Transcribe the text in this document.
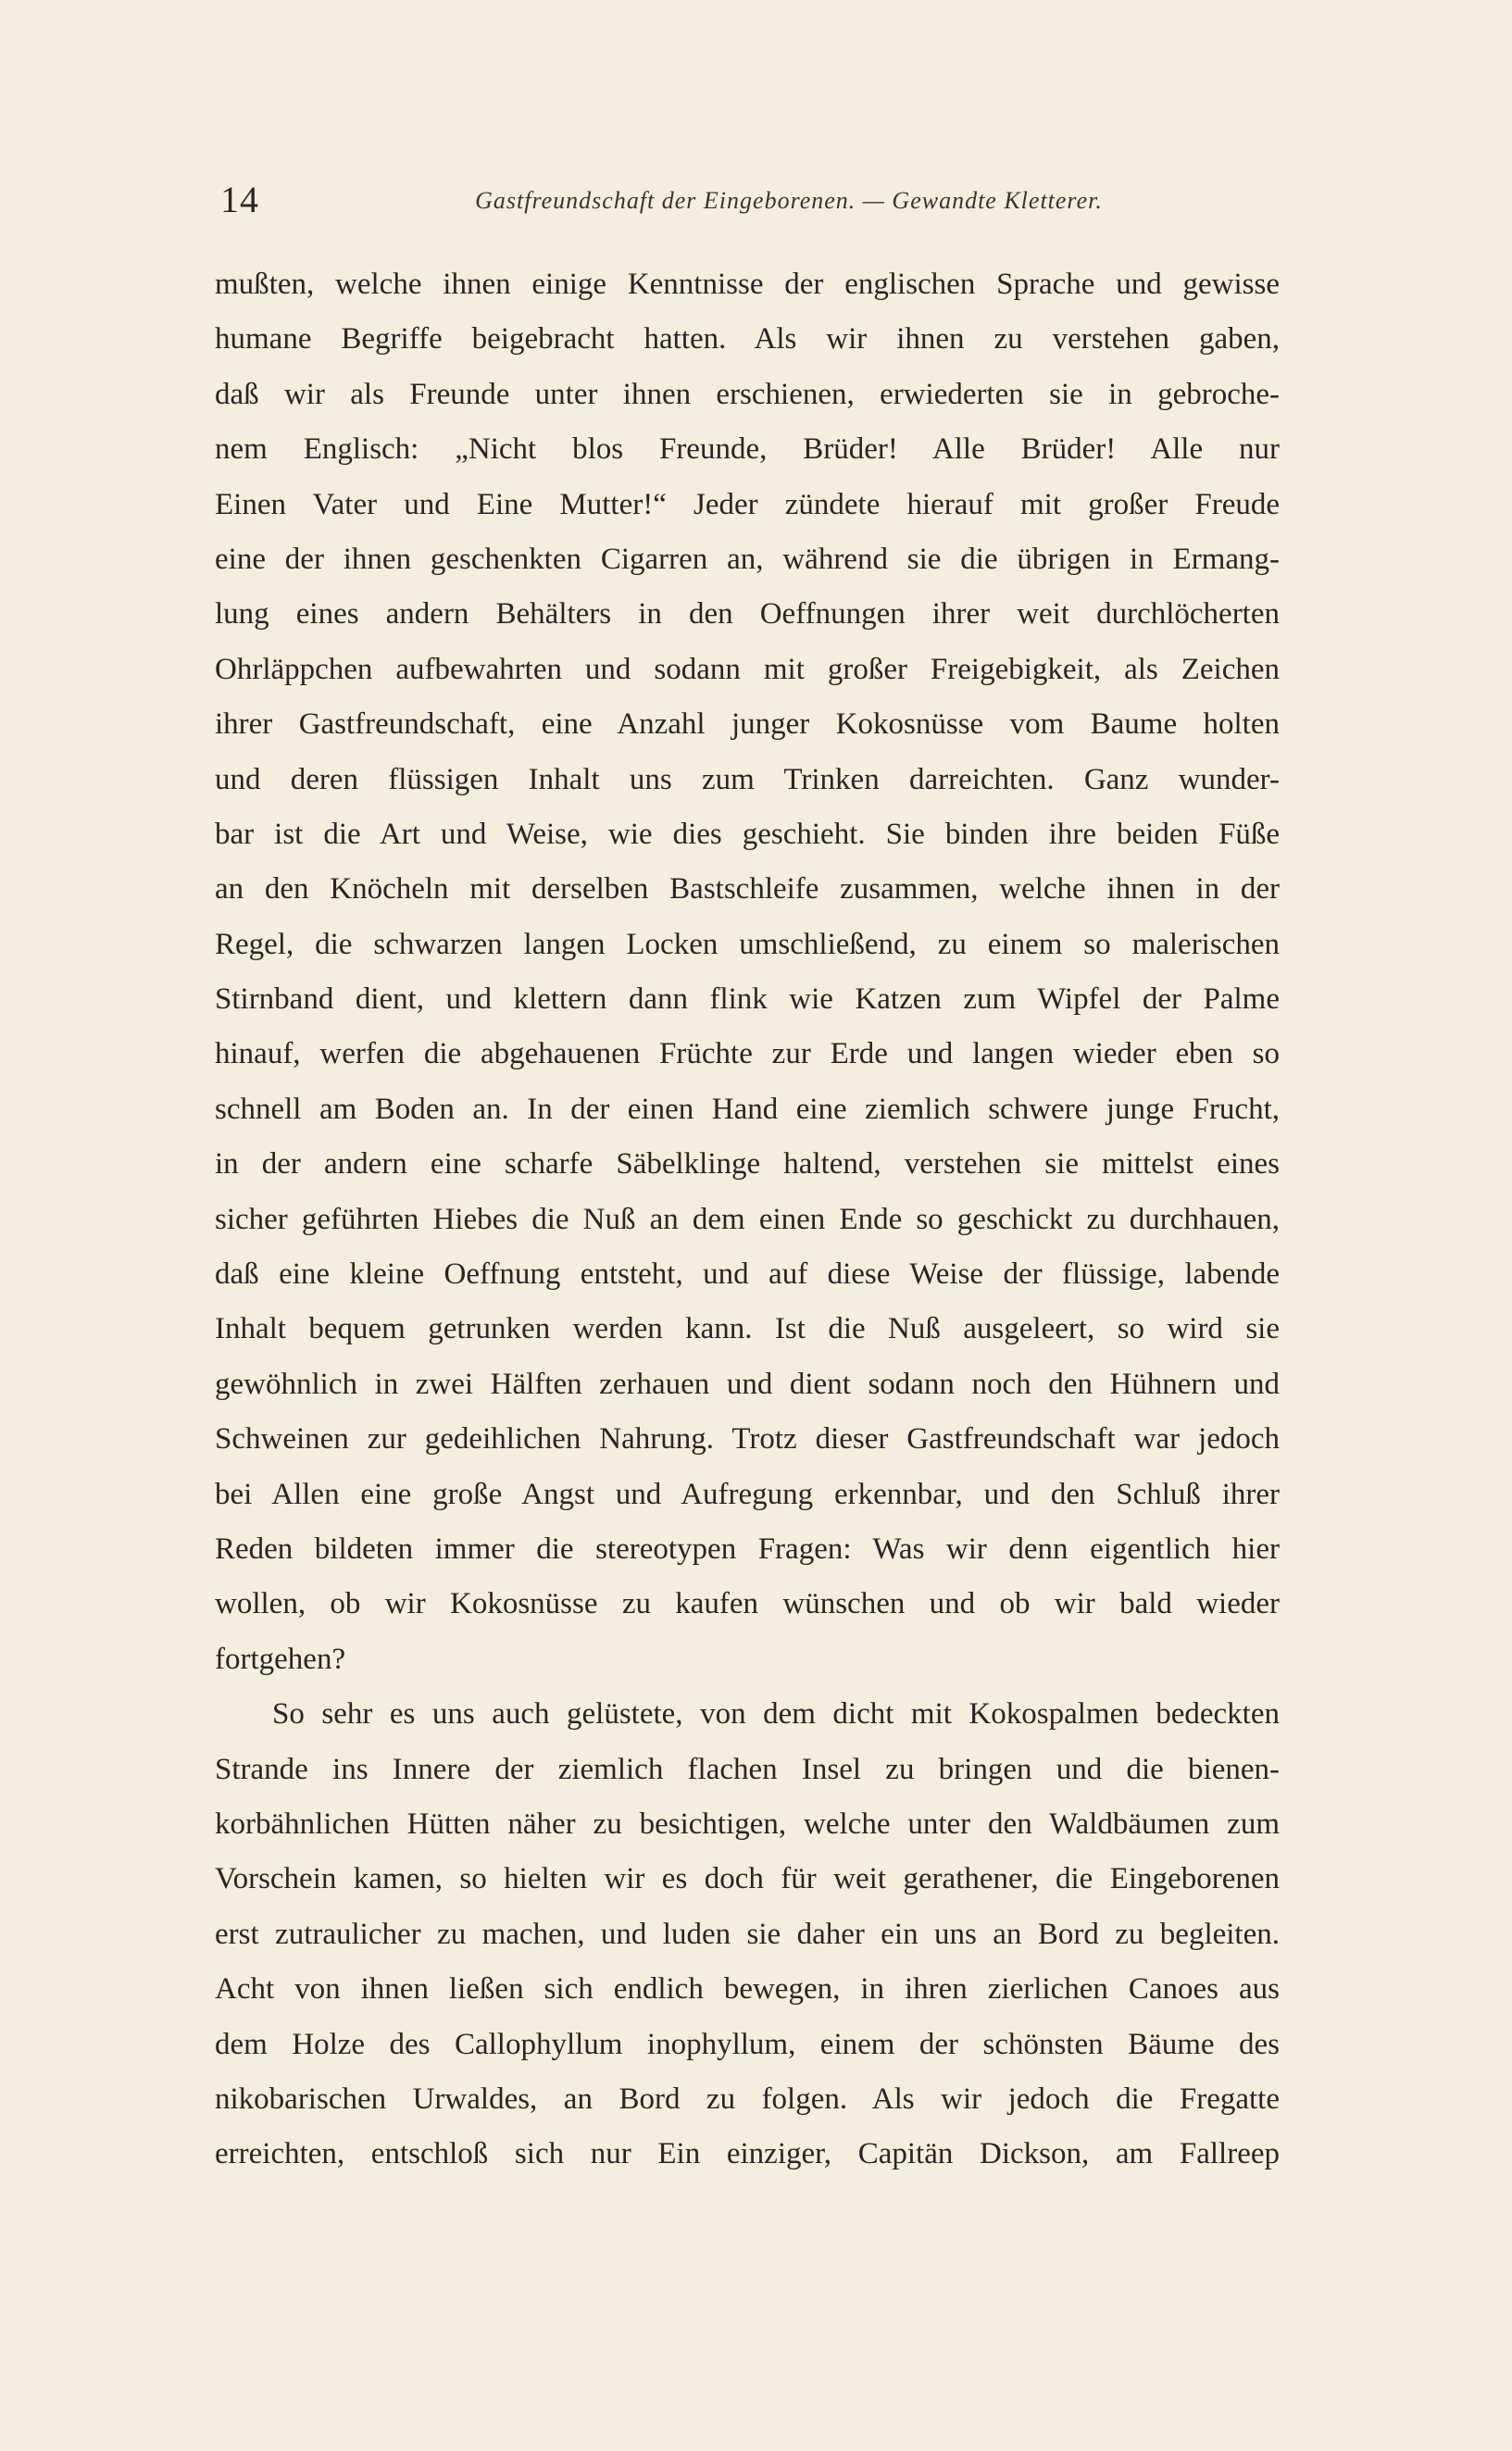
14	Gastfreundschaft der Eingeborenen. — Gewandte Kletterer.
mußten, welche ihnen einige Kenntnisse der englischen Sprache und gewisse
humane Begriffe beigebracht hatten. Als wir ihnen zu verstehen gaben,
daß wir als Freunde unter ihnen erschienen, erwiederten sie in gebroche-
nem Englisch: „Nicht blos Freunde, Brüder! Alle Brüder! Alle nur
Einen Vater und Eine Mutter!“ Jeder zündete hierauf mit großer Freude
eine der ihnen geschenkten Cigarren an, während sie die übrigen in Ermang-
lung eines andern Behälters in den Oeffnungen ihrer weit durchlöcherten
Ohrläppchen aufbewahrten und sodann mit großer Freigebigkeit, als Zeichen
ihrer Gastfreundschaft, eine Anzahl junger Kokosnüsse vom Baume holten
und deren flüssigen Inhalt uns zum Trinken darreichten. Ganz wunder-
bar ist die Art und Weise, wie dies geschieht. Sie binden ihre beiden Füße
an den Knöcheln mit derselben Bastschleife zusammen, welche ihnen in der
Regel, die schwarzen langen Locken umschließend, zu einem so malerischen
Stirnband dient, und klettern dann flink wie Katzen zum Wipfel der Palme
hinauf, werfen die abgehauenen Früchte zur Erde und langen wieder eben so
schnell am Boden an. In der einen Hand eine ziemlich schwere junge Frucht,
in der andern eine scharfe Säbelklinge haltend, verstehen sie mittelst eines
sicher geführten Hiebes die Nuß an dem einen Ende so geschickt zu durchhauen,
daß eine kleine Oeffnung entsteht, und auf diese Weise der flüssige, labende
Inhalt bequem getrunken werden kann. Ist die Nuß ausgeleert, so wird sie
gewöhnlich in zwei Hälften zerhauen und dient sodann noch den Hühnern und
Schweinen zur gedeihlichen Nahrung. Trotz dieser Gastfreundschaft war jedoch
bei Allen eine große Angst und Aufregung erkennbar, und den Schluß ihrer
Reden bildeten immer die stereotypen Fragen: Was wir denn eigentlich hier
wollen, ob wir Kokosnüsse zu kaufen wünschen und ob wir bald wieder
fortgehen?
So sehr es uns auch gelüstete, von dem dicht mit Kokospalmen bedeckten
Strande ins Innere der ziemlich flachen Insel zu bringen und die bienen-
korbähnlichen Hütten näher zu besichtigen, welche unter den Waldbäumen zum
Vorschein kamen, so hielten wir es doch für weit gerathener, die Eingeborenen
erst zutraulicher zu machen, und luden sie daher ein uns an Bord zu begleiten.
Acht von ihnen ließen sich endlich bewegen, in ihren zierlichen Canoes aus
dem Holze des Callophyllum inophyllum, einem der schönsten Bäume des
nikobarischen Urwaldes, an Bord zu folgen. Als wir jedoch die Fregatte
erreichten, entschloß sich nur Ein einziger, Capitän Dickson, am Fallreep
